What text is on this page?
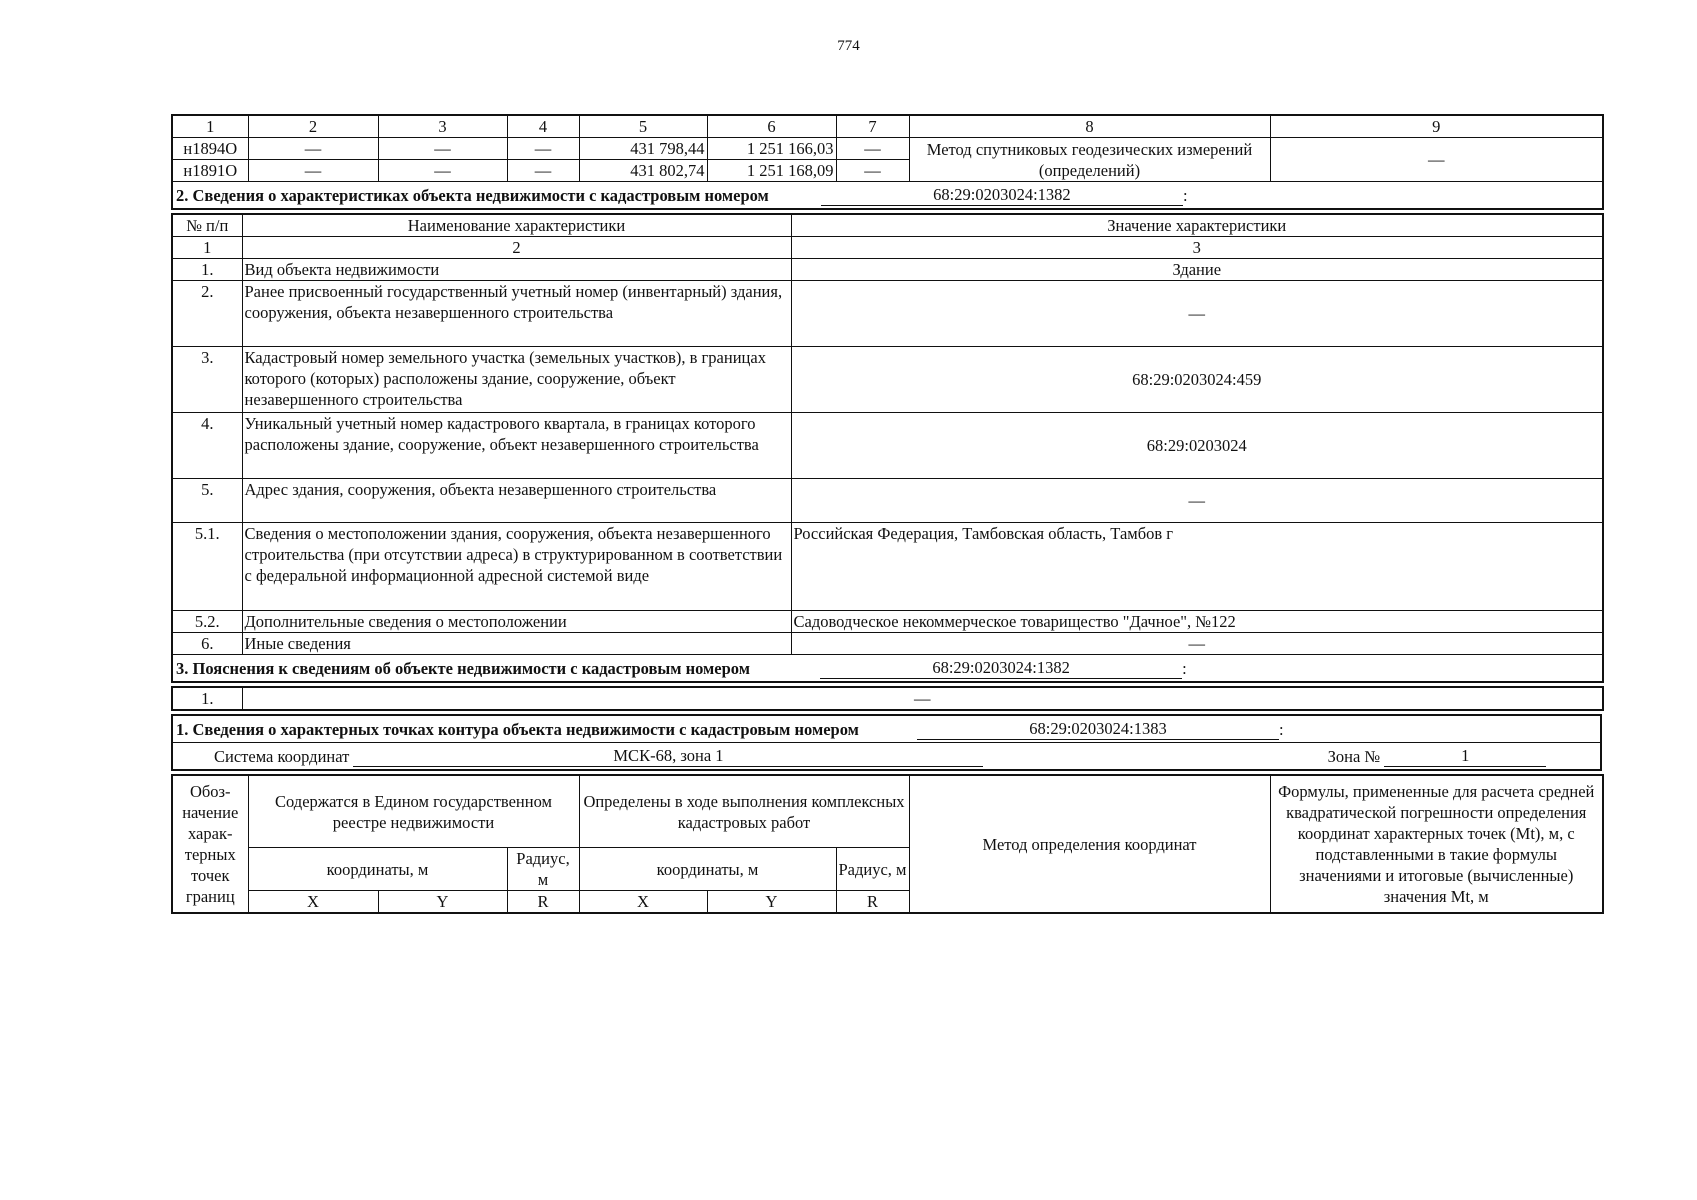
774
1	2	3	4	5	6	7	8	9
н1894О	—	—	—	431 798,44	1 251 166,03	—	Метод спутниковых геодезических измерений (определений)	—
н1891О	—	—	—	431 802,74	1 251 168,09	—		
2. Сведения о характеристиках объекта недвижимости с кадастровым номером 68:29:0203024:1382 :								
№ п/п	Наименование характеристики	Значение характеристики
1	2	3
1.	Вид объекта недвижимости	Здание
2.	Ранее присвоенный государственный учетный номер (инвентарный) здания, сооружения, объекта незавершенного строительства	—
3.	Кадастровый номер земельного участка (земельных участков), в границах которого (которых) расположены здание, сооружение, объект незавершенного строительства	68:29:0203024:459
4.	Уникальный учетный номер кадастрового квартала, в границах которого расположены здание, сооружение, объект незавершенного строительства	68:29:0203024
5.	Адрес здания, сооружения, объекта незавершенного строительства	—
5.1.	Сведения о местоположении здания, сооружения, объекта незавершенного строительства (при отсутствии адреса) в структурированном в соответствии с федеральной информационной адресной системой виде	Российская Федерация, Тамбовская область, Тамбов г
5.2.	Дополнительные сведения о местоположении	Садоводческое некоммерческое товарищество "Дачное", №122
6.	Иные сведения	—
3. Пояснения к сведениям об объекте недвижимости с кадастровым номером 68:29:0203024:1382 :		
1.	—
1. Сведения о характерных точках контура объекта недвижимости с кадастровым номером	68:29:0203024:1383	:
Система координат	МСК-68, зона 1	Зона №	1
Обоз-начение харак-терных точек границ	Содержатся в Едином государственном реестре недвижимости			Определены в ходе выполнения комплексных кадастровых работ			Метод определения координат	Формулы, примененные для расчета средней квадратической погрешности определения координат характерных точек (Mt), м, с подставленными в такие формулы значениями и итоговые (вычисленные) значения Mt, м
	координаты, м		Радиус, м	координаты, м		Радиус, м		
	X	Y	R	X	Y	R		
